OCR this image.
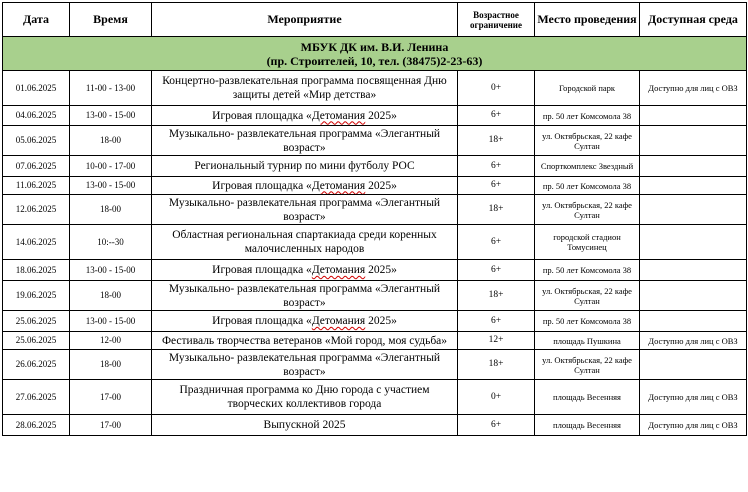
Дата	Время	Мероприятие	Возрастное ограничение	Место проведения	Доступная среда

МБУК ДК им. В.И. Ленина
(пр. Строителей, 10, тел. (38475)2-23-63)					

01.06.2025	11-00 - 13-00	Концертно-развлекательная программа посвященная Дню защиты детей «Мир детства»	0+	Городской парк	Доступно для лиц с ОВЗ
04.06.2025	13-00 - 15-00	Игровая площадка «Детомания 2025»	6+	пр. 50 лет Комсомола 38	
05.06.2025	18-00	Музыкально- развлекательная программа «Элегантный возраст»	18+	ул. Октябрьская, 22 кафе Султан	
07.06.2025	10-00 - 17-00	Региональный турнир по мини футболу РОС	6+	Спорткомплекс Звездный	
11.06.2025	13-00 - 15-00	Игровая площадка «Детомания 2025»	6+	пр. 50 лет Комсомола 38	
12.06.2025	18-00	Музыкально- развлекательная программа «Элегантный возраст»	18+	ул. Октябрьская, 22 кафе Султан	
14.06.2025	10:--30	Областная региональная спартакиада среди коренных малочисленных народов	6+	городской стадион Томусинец	
18.06.2025	13-00 - 15-00	Игровая площадка «Детомания 2025»	6+	пр. 50 лет Комсомола 38	
19.06.2025	18-00	Музыкально- развлекательная программа «Элегантный возраст»	18+	ул. Октябрьская, 22 кафе Султан	
25.06.2025	13-00 - 15-00	Игровая площадка «Детомания 2025»	6+	пр. 50 лет Комсомола 38	
25.06.2025	12-00	Фестиваль творчества ветеранов «Мой город, моя судьба»	12+	площадь Пушкина	Доступно для лиц с ОВЗ
26.06.2025	18-00	Музыкально- развлекательная программа «Элегантный возраст»	18+	ул. Октябрьская, 22 кафе Султан	
27.06.2025	17-00	Праздничная программа ко Дню города с участием творческих коллективов города	0+	площадь Весенняя	Доступно для лиц с ОВЗ
28.06.2025	17-00	Выпускной 2025	6+	площадь Весенняя	Доступно для лиц с ОВЗ
